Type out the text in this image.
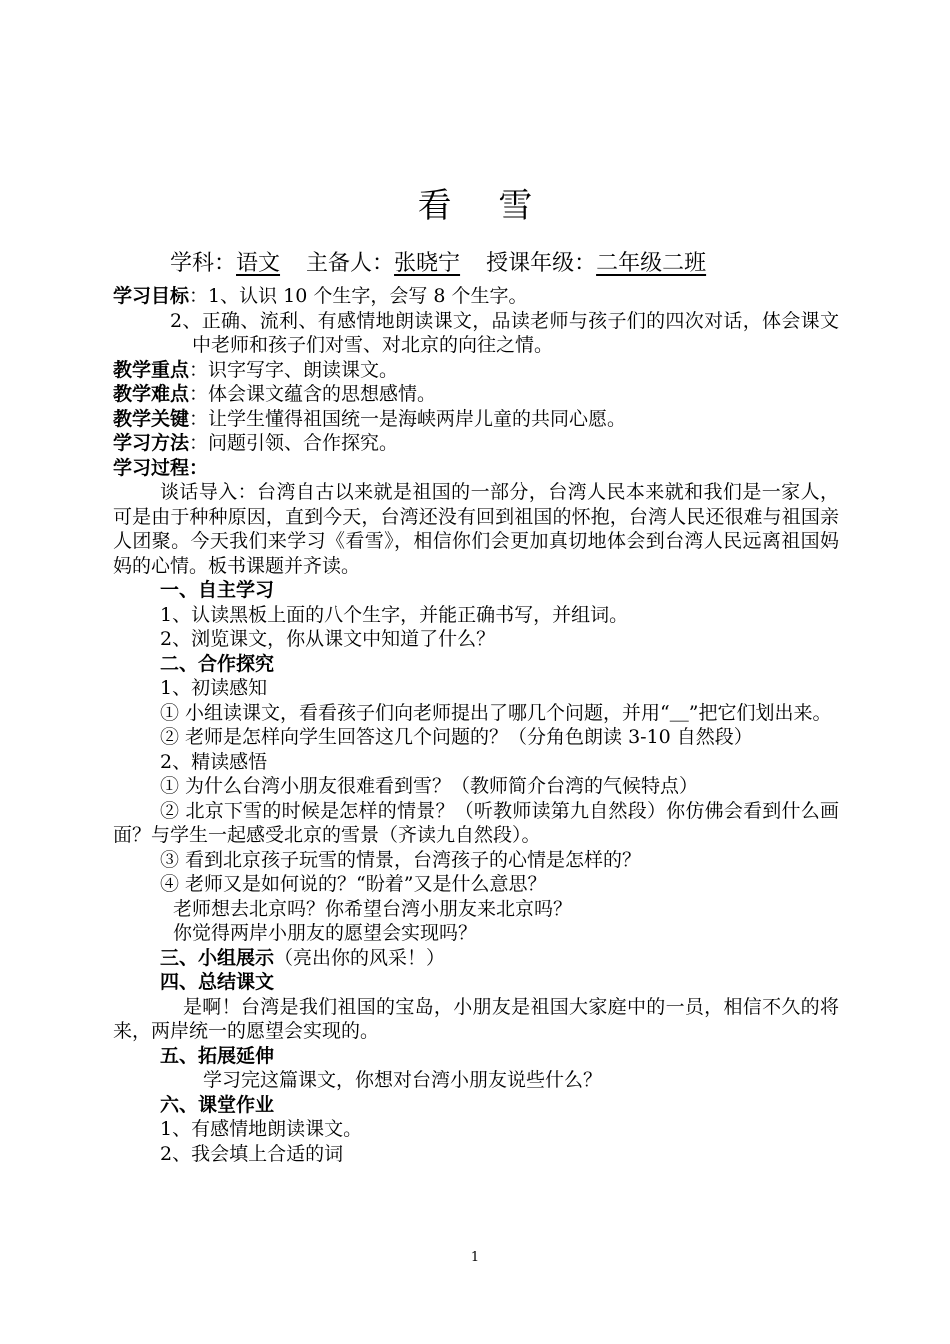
看 雪
学科：语文 主备人：张晓宁 授课年级：二年级二班

学习目标：1、认识 10 个生字，会写 8 个生字。

2、正确、流利、有感情地朗读课文，品读老师与孩子们的四次对话，体会课文中老师和孩子们对雪、对北京的向往之情。

教学重点：识字写字、朗读课文。

教学难点：体会课文蕴含的思想感情。

教学关键：让学生懂得祖国统一是海峡两岸儿童的共同心愿。

学习方法：问题引领、合作探究。

学习过程：

谈话导入：台湾自古以来就是祖国的一部分，台湾人民本来就和我们是一家人，可是由于种种原因，直到今天，台湾还没有回到祖国的怀抱，台湾人民还很难与祖国亲人团聚。今天我们来学习《看雪》，相信你们会更加真切地体会到台湾人民远离祖国妈妈的心情。板书课题并齐读。

一、自主学习

1、认读黑板上面的八个生字，并能正确书写，并组词。

2、浏览课文，你从课文中知道了什么？

二、合作探究

1、初读感知

① 小组读课文，看看孩子们向老师提出了哪几个问题，并用“＿”把它们划出来。

② 老师是怎样向学生回答这几个问题的？（分角色朗读 3-10 自然段）

2、精读感悟

① 为什么台湾小朋友很难看到雪？（教师简介台湾的气候特点）

② 北京下雪的时候是怎样的情景？（听教师读第九自然段）你仿佛会看到什么画面？与学生一起感受北京的雪景（齐读九自然段）。

③ 看到北京孩子玩雪的情景，台湾孩子的心情是怎样的？

④ 老师又是如何说的？“盼着”又是什么意思？

老师想去北京吗？你希望台湾小朋友来北京吗？

你觉得两岸小朋友的愿望会实现吗？

三、小组展示（亮出你的风采！）

四、总结课文

是啊！台湾是我们祖国的宝岛，小朋友是祖国大家庭中的一员，相信不久的将来，两岸统一的愿望会实现的。

五、拓展延伸

学习完这篇课文，你想对台湾小朋友说些什么？

六、课堂作业

1、有感情地朗读课文。

2、我会填上合适的词

1
